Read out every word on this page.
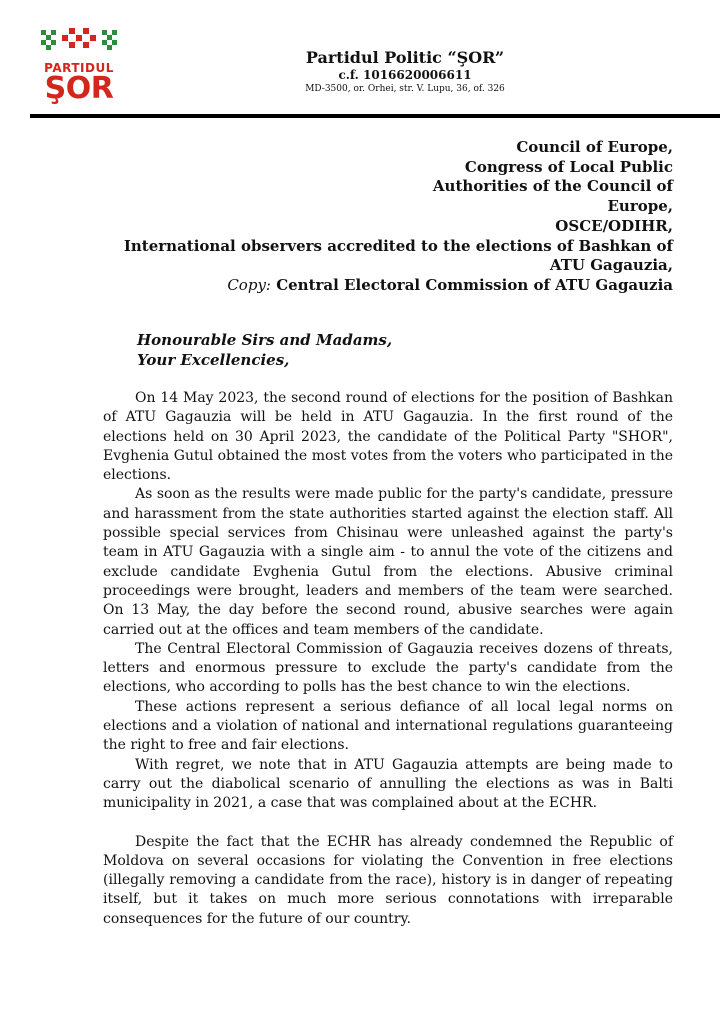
PARTIDUL
ŞOR
Partidul Politic “ŞOR”
c.f. 1016620006611
MD-3500, or. Orhei, str. V. Lupu, 36, of. 326
Council of Europe,
Congress of Local Public
Authorities of the Council of
Europe,
OSCE/ODIHR,
International observers accredited to the elections of Bashkan of
ATU Gagauzia,
Copy: Central Electoral Commission of ATU Gagauzia
Honourable Sirs and Madams,
Your Excellencies,

On 14 May 2023, the second round of elections for the position of Bashkan of ATU Gagauzia will be held in ATU Gagauzia. In the first round of the elections held on 30 April 2023, the candidate of the Political Party "SHOR", Evghenia Gutul obtained the most votes from the voters who participated in the elections.

As soon as the results were made public for the party's candidate, pressure and harassment from the state authorities started against the election staff. All possible special services from Chisinau were unleashed against the party's team in ATU Gagauzia with a single aim - to annul the vote of the citizens and exclude candidate Evghenia Gutul from the elections. Abusive criminal proceedings were brought, leaders and members of the team were searched. On 13 May, the day before the second round, abusive searches were again carried out at the offices and team members of the candidate.

The Central Electoral Commission of Gagauzia receives dozens of threats, letters and enormous pressure to exclude the party's candidate from the elections, who according to polls has the best chance to win the elections.

These actions represent a serious defiance of all local legal norms on elections and a violation of national and international regulations guaranteeing the right to free and fair elections.

With regret, we note that in ATU Gagauzia attempts are being made to carry out the diabolical scenario of annulling the elections as was in Balti municipality in 2021, a case that was complained about at the ECHR.

Despite the fact that the ECHR has already condemned the Republic of Moldova on several occasions for violating the Convention in free elections (illegally removing a candidate from the race), history is in danger of repeating itself, but it takes on much more serious connotations with irreparable consequences for the future of our country.
